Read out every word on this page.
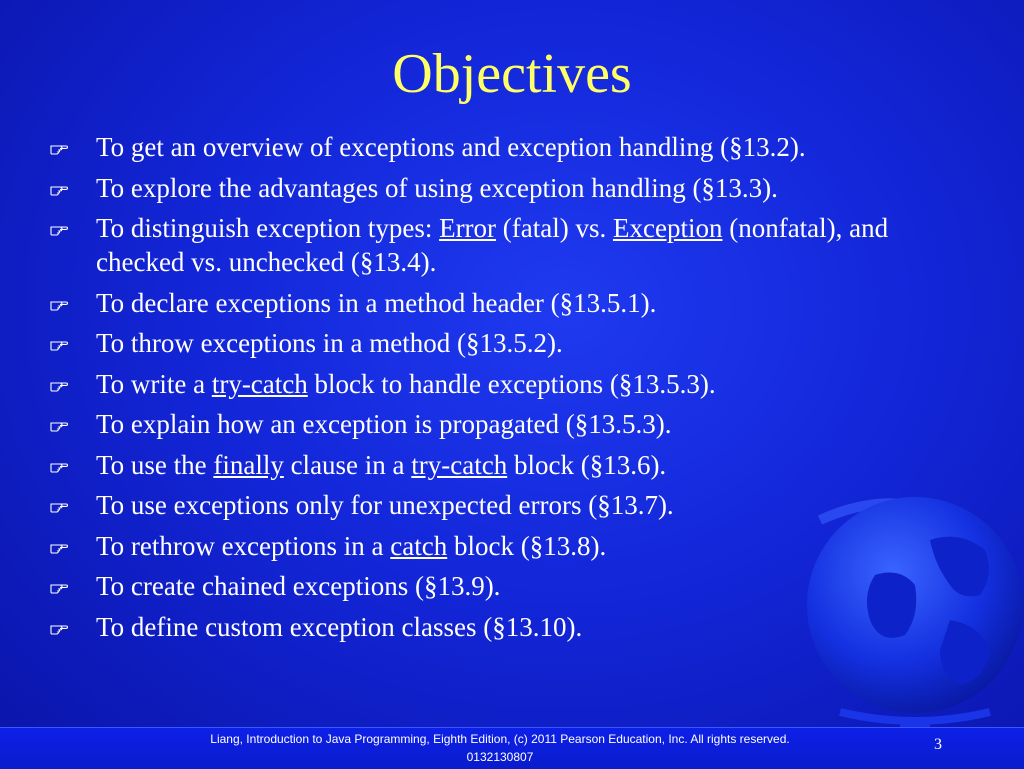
Objectives
To get an overview of exceptions and exception handling (§13.2).
To explore the advantages of using exception handling (§13.3).
To distinguish exception types: Error (fatal) vs. Exception (nonfatal), and checked vs. unchecked (§13.4).
To declare exceptions in a method header (§13.5.1).
To throw exceptions in a method (§13.5.2).
To write a try-catch block to handle exceptions (§13.5.3).
To explain how an exception is propagated (§13.5.3).
To use the finally clause in a try-catch block (§13.6).
To use exceptions only for unexpected errors (§13.7).
To rethrow exceptions in a catch block (§13.8).
To create chained exceptions (§13.9).
To define custom exception classes (§13.10).
Liang, Introduction to Java Programming, Eighth Edition, (c) 2011 Pearson Education, Inc. All rights reserved. 0132130807
3
